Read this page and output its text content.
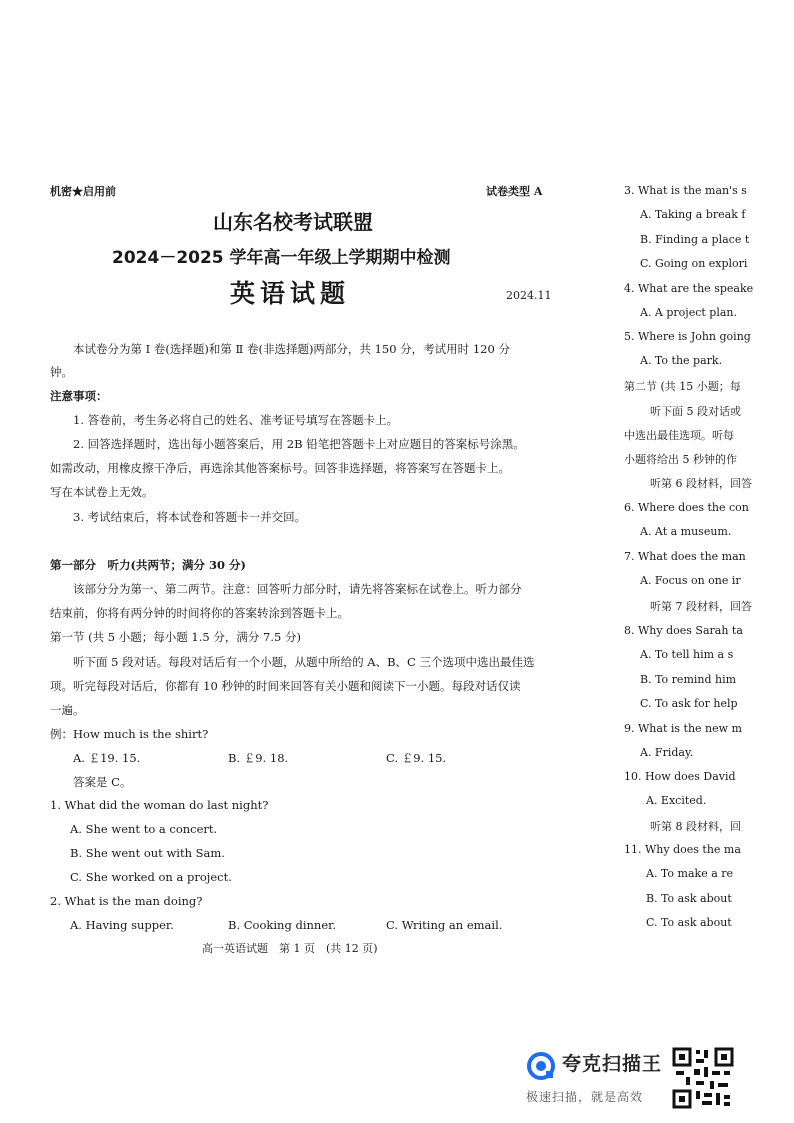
机密★启用前	试卷类型 A
山东名校考试联盟
2024－2025 学年高一年级上学期期中检测
英语试题	2024.11
本试卷分为第 Ⅰ 卷(选择题)和第 Ⅱ 卷(非选择题)两部分，共 150 分，考试用时 120 分
钟。
注意事项：
1. 答卷前，考生务必将自己的姓名、准考证号填写在答题卡上。
2. 回答选择题时，选出每小题答案后，用 2B 铅笔把答题卡上对应题目的答案标号涂黑。
如需改动，用橡皮擦干净后，再选涂其他答案标号。回答非选择题，将答案写在答题卡上。
写在本试卷上无效。
3. 考试结束后，将本试卷和答题卡一并交回。
第一部分　听力(共两节；满分 30 分)
该部分分为第一、第二两节。注意：回答听力部分时，请先将答案标在试卷上。听力部分
结束前，你将有两分钟的时间将你的答案转涂到答题卡上。
第一节 (共 5 小题；每小题 1.5 分，满分 7.5 分)
听下面 5 段对话。每段对话后有一个小题，从题中所给的 A、B、C 三个选项中选出最佳选
项。听完每段对话后，你都有 10 秒钟的时间来回答有关小题和阅读下一小题。每段对话仅读
一遍。
例：How much is the shirt?
A. ￡19. 15.	B. ￡9. 18.	C. ￡9. 15.
答案是 C。
1. What did the woman do last night?
A. She went to a concert.
B. She went out with Sam.
C. She worked on a project.
2. What is the man doing?
A. Having supper.	B. Cooking dinner.	C. Writing an email.
高一英语试题　第 1 页　(共 12 页)
3. What is the man's s
A. Taking a break f
B. Finding a place t
C. Going on explori
4. What are the speake
A. A project plan.
5. Where is John going
A. To the park.
第二节 (共 15 小题；每
听下面 5 段对话或
中选出最佳选项。听每
小题将给出 5 秒钟的作
听第 6 段材料，回答
6. Where does the con
A. At a museum.
7. What does the man
A. Focus on one ir
听第 7 段材料，回答
8. Why does Sarah ta
A. To tell him a s
B. To remind him
C. To ask for help
9. What is the new m
A. Friday.
10. How does David
A. Excited.
听第 8 段材料，回
11. Why does the ma
A. To make a re
B. To ask about
C. To ask about
夸克扫描王
极速扫描，就是高效
